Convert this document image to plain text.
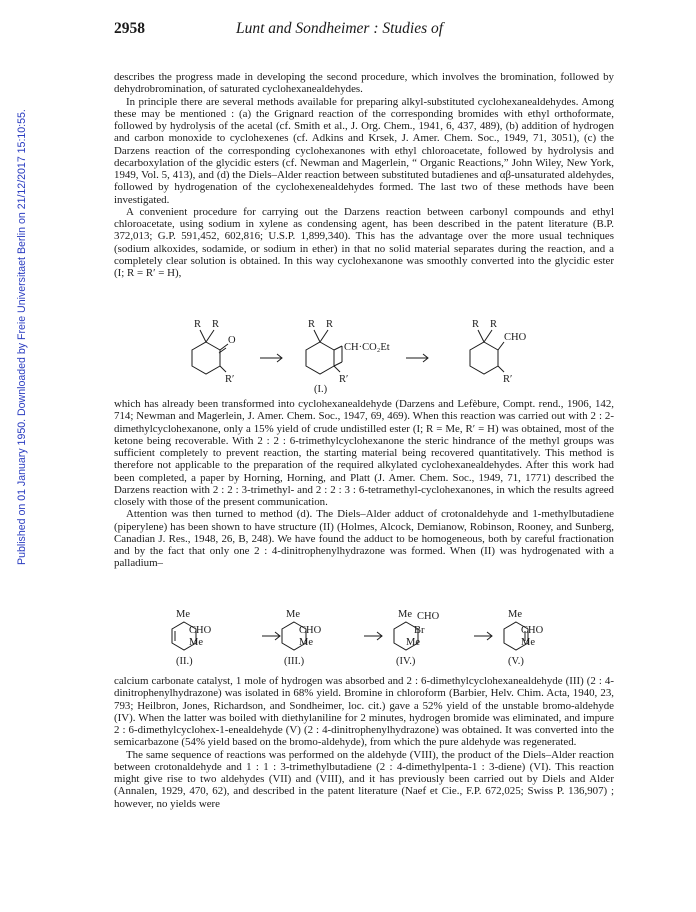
Published on 01 January 1950. Downloaded by Freie Universitaet Berlin on 21/12/2017 15:10:55.
2958	Lunt and Sondheimer : Studies of

describes the progress made in developing the second procedure, which involves the bromination, followed by dehydrobromination, of saturated cyclohexanealdehydes.

In principle there are several methods available for preparing alkyl-substituted cyclohexanealdehydes. Among these may be mentioned : (a) the Grignard reaction of the corresponding bromides with ethyl orthoformate, followed by hydrolysis of the acetal (cf. Smith et al., J. Org. Chem., 1941, 6, 437, 489), (b) addition of hydrogen and carbon monoxide to cyclohexenes (cf. Adkins and Krsek, J. Amer. Chem. Soc., 1949, 71, 3051), (c) the Darzens reaction of the corresponding cyclohexanones with ethyl chloroacetate, followed by hydrolysis and decarboxylation of the glycidic esters (cf. Newman and Magerlein, “ Organic Reactions,” John Wiley, New York, 1949, Vol. 5, 413), and (d) the Diels–Alder reaction between substituted butadienes and αβ-unsaturated aldehydes, followed by hydrogenation of the cyclohexenealdehydes formed. The last two of these methods have been investigated.

A convenient procedure for carrying out the Darzens reaction between carbonyl compounds and ethyl chloroacetate, using sodium in xylene as condensing agent, has been described in the patent literature (B.P. 372,013; G.P. 591,452, 602,816; U.S.P. 1,899,340). This has the advantage over the more usual techniques (sodium alkoxides, sodamide, or sodium in ether) in that no solid material separates during the reaction, and a completely clear solution is obtained. In this way cyclohexanone was smoothly converted into the glycidic ester (I; R = R′ = H),

R R
O
R′
R R
CH·CO₂Et
R′
(I.)
R R
CHO
R′

which has already been transformed into cyclohexanealdehyde (Darzens and Lefèbure, Compt. rend., 1906, 142, 714; Newman and Magerlein, J. Amer. Chem. Soc., 1947, 69, 469). When this reaction was carried out with 2 : 2-dimethylcyclohexanone, only a 15% yield of crude undistilled ester (I; R = Me, R′ = H) was obtained, most of the ketone being recoverable. With 2 : 2 : 6-trimethylcyclohexanone the steric hindrance of the methyl groups was sufficient completely to prevent reaction, the starting material being recovered quantitatively. This method is therefore not applicable to the preparation of the required alkylated cyclohexanealdehydes. After this work had been completed, a paper by Horning, Horning, and Platt (J. Amer. Chem. Soc., 1949, 71, 1771) described the Darzens reaction with 2 : 2 : 3-trimethyl- and 2 : 2 : 3 : 6-tetramethyl-cyclohexanones, in which the results agreed closely with those of the present communication.

Attention was then turned to method (d). The Diels–Alder adduct of crotonaldehyde and 1-methylbutadiene (piperylene) has been shown to have structure (II) (Holmes, Alcock, Demianow, Robinson, Rooney, and Sunberg, Canadian J. Res., 1948, 26, B, 248). We have found the adduct to be homogeneous, both by careful fractionation and by the fact that only one 2 : 4-dinitrophenylhydrazone was formed. When (II) was hydrogenated with a palladium–

Me
CHO
Me
(II.)
Me
CHO
Me
(III.)
Me CHO
Br
Me
(IV.)
Me
CHO
Me
(V.)

calcium carbonate catalyst, 1 mole of hydrogen was absorbed and 2 : 6-dimethylcyclohexanealdehyde (III) (2 : 4-dinitrophenylhydrazone) was isolated in 68% yield. Bromine in chloroform (Barbier, Helv. Chim. Acta, 1940, 23, 793; Heilbron, Jones, Richardson, and Sondheimer, loc. cit.) gave a 52% yield of the unstable bromo-aldehyde (IV). When the latter was boiled with diethylaniline for 2 minutes, hydrogen bromide was eliminated, and impure 2 : 6-dimethylcyclohex-1-enealdehyde (V) (2 : 4-dinitrophenylhydrazone) was obtained. It was converted into the semicarbazone (54% yield based on the bromo-aldehyde), from which the pure aldehyde was regenerated.

The same sequence of reactions was performed on the aldehyde (VIII), the product of the Diels–Alder reaction between crotonaldehyde and 1 : 1 : 3-trimethylbutadiene (2 : 4-dimethylpenta-1 : 3-diene) (VI). This reaction might give rise to two aldehydes (VII) and (VIII), and it has previously been carried out by Diels and Alder (Annalen, 1929, 470, 62), and described in the patent literature (Naef et Cie., F.P. 672,025; Swiss P. 136,907) ; however, no yields were
